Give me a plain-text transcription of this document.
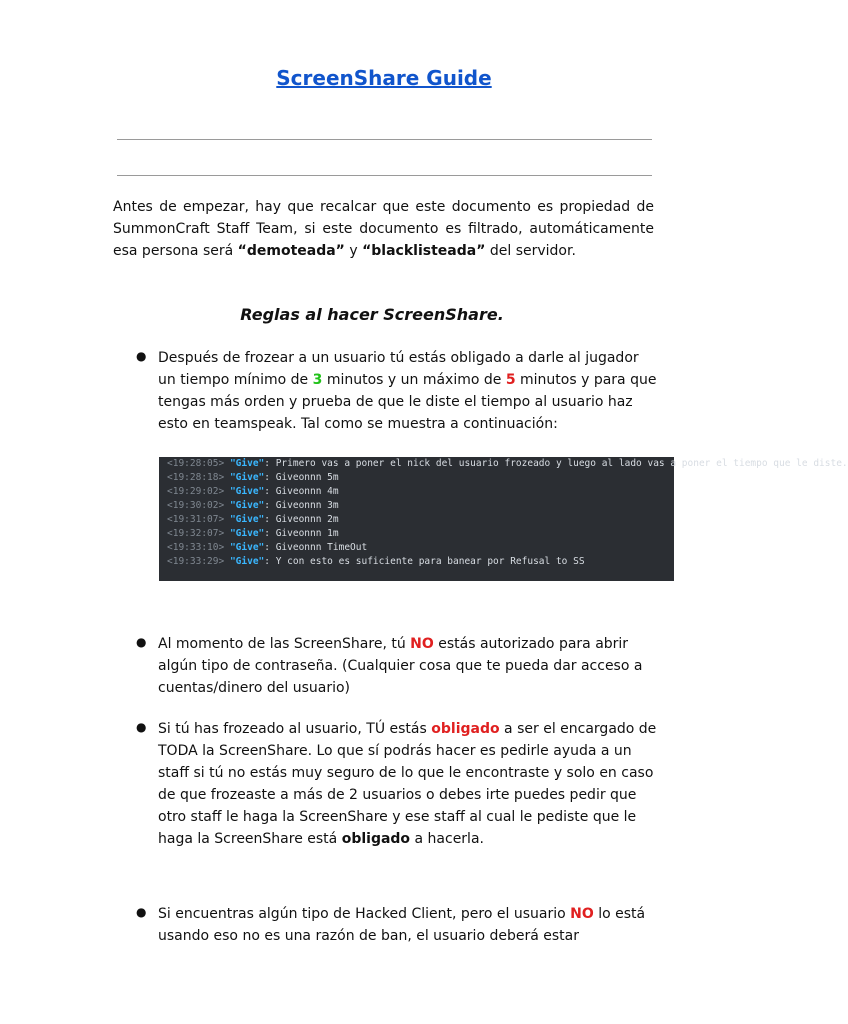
ScreenShare Guide

Antes de empezar, hay que recalcar que este documento es propiedad de SummonCraft Staff Team, si este documento es filtrado, automáticamente esa persona será “demoteada” y “blacklisteada” del servidor.

Reglas al hacer ScreenShare.
● Después de frozear a un usuario tú estás obligado a darle al jugador un tiempo mínimo de 3 minutos y un máximo de 5 minutos y para que tengas más orden y prueba de que le diste el tiempo al usuario haz esto en teamspeak. Tal como se muestra a continuación:

<19:28:05> "Give": Primero vas a poner el nick del usuario frozeado y luego al lado vas a poner el tiempo que le diste.
<19:28:18> "Give": Giveonnn 5m
<19:29:02> "Give": Giveonnn 4m
<19:30:02> "Give": Giveonnn 3m
<19:31:07> "Give": Giveonnn 2m
<19:32:07> "Give": Giveonnn 1m
<19:33:10> "Give": Giveonnn TimeOut
<19:33:29> "Give": Y con esto es suficiente para banear por Refusal to SS
● Al momento de las ScreenShare, tú NO estás autorizado para abrir algún tipo de contraseña. (Cualquier cosa que te pueda dar acceso a cuentas/dinero del usuario)

● Si tú has frozeado al usuario, TÚ estás obligado a ser el encargado de TODA la ScreenShare. Lo que sí podrás hacer es pedirle ayuda a un staff si tú no estás muy seguro de lo que le encontraste y solo en caso de que frozeaste a más de 2 usuarios o debes irte puedes pedir que otro staff le haga la ScreenShare y ese staff al cual le pediste que le haga la ScreenShare está obligado a hacerla.

● Si encuentras algún tipo de Hacked Client, pero el usuario NO lo está usando eso no es una razón de ban, el usuario deberá estar
